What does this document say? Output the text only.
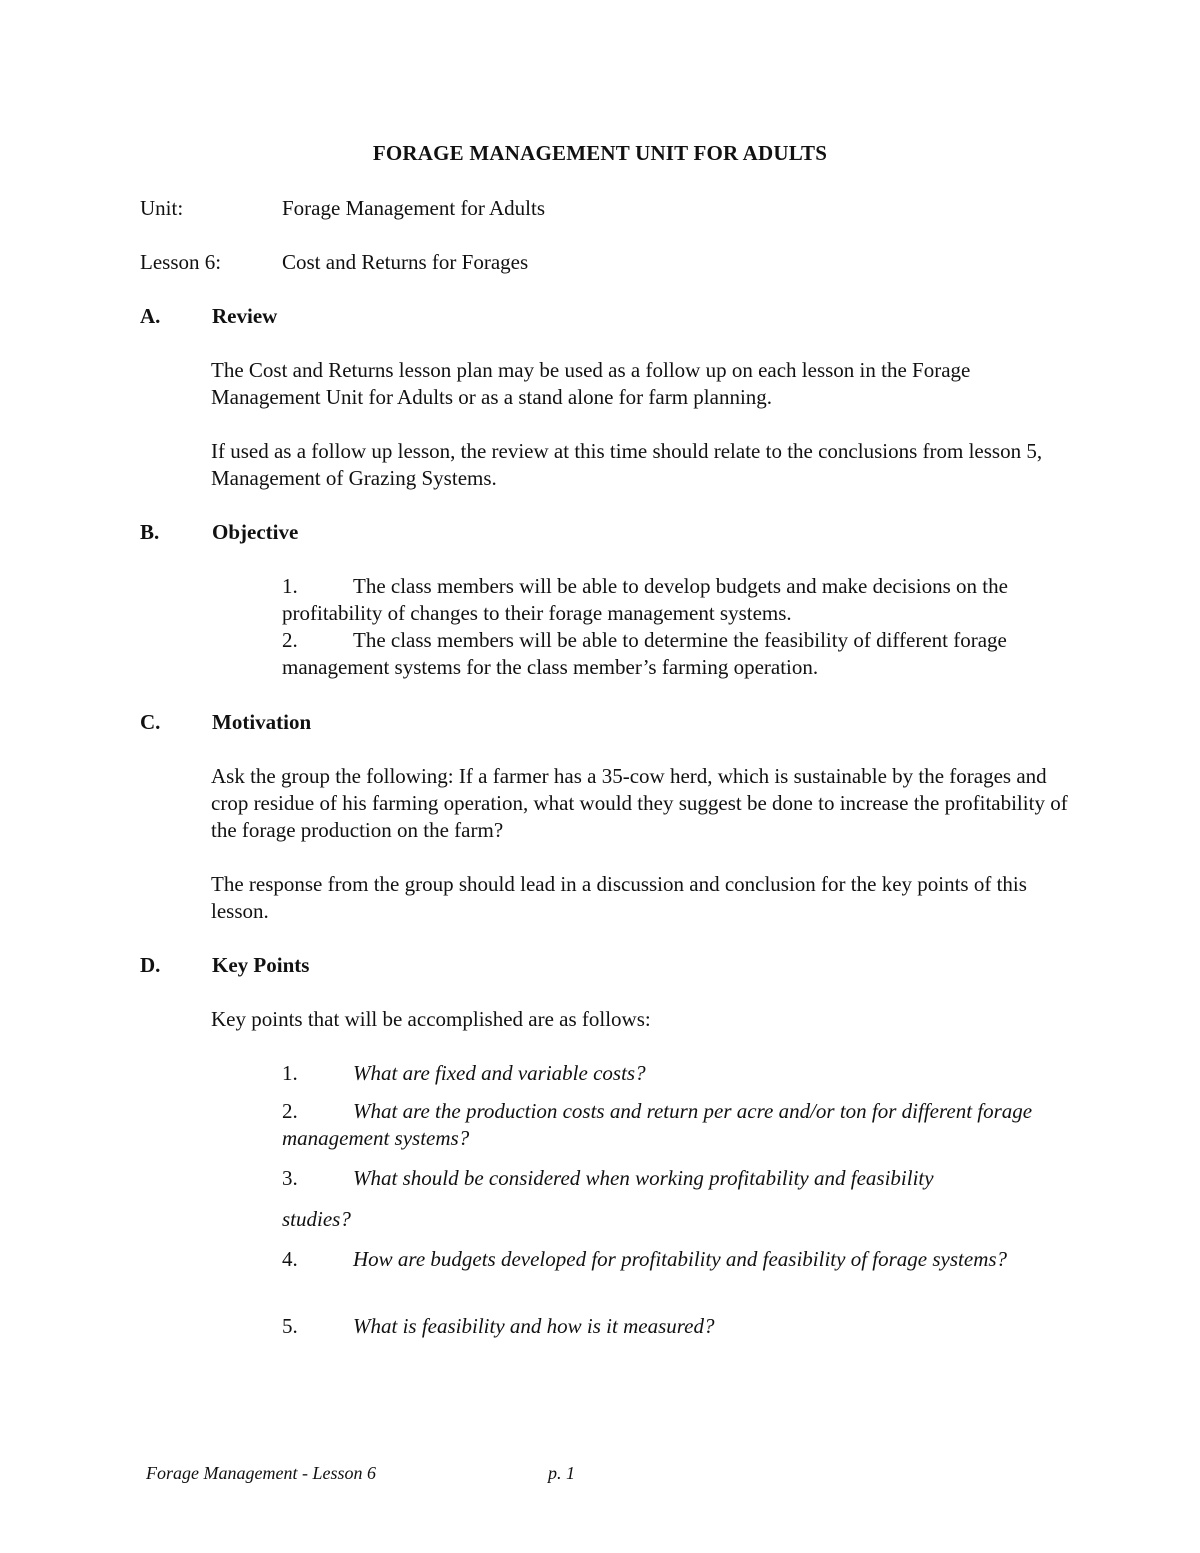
FORAGE MANAGEMENT UNIT FOR ADULTS
Unit:	Forage Management for Adults
Lesson 6:	Cost and Returns for Forages
A. Review
The Cost and Returns lesson plan may be used as a follow up on each lesson in the Forage Management Unit for Adults or as a stand alone for farm planning.
If used as a follow up lesson, the review at this time should relate to the conclusions from lesson 5, Management of Grazing Systems.
B.	Objective
1.	The class members will be able to develop budgets and make decisions on the profitability of changes to their forage management systems.
2.	The class members will be able to determine the feasibility of different forage management systems for the class member’s farming operation.
C. Motivation
Ask the group the following: If a farmer has a 35-cow herd, which is sustainable by the forages and crop residue of his farming operation, what would they suggest be done to increase the profitability of the forage production on the farm?
The response from the group should lead in a discussion and conclusion for the key points of this lesson.
D. Key Points
Key points that will be accomplished are as follows:
1.	What are fixed and variable costs?
2.	What are the production costs and return per acre and/or ton for different forage management systems?
3.	What should be considered when working profitability and feasibility
studies?
4.	How are budgets developed for profitability and feasibility of forage systems?
5.	What is feasibility and how is it measured?
Forage Management - Lesson 6	p. 1
